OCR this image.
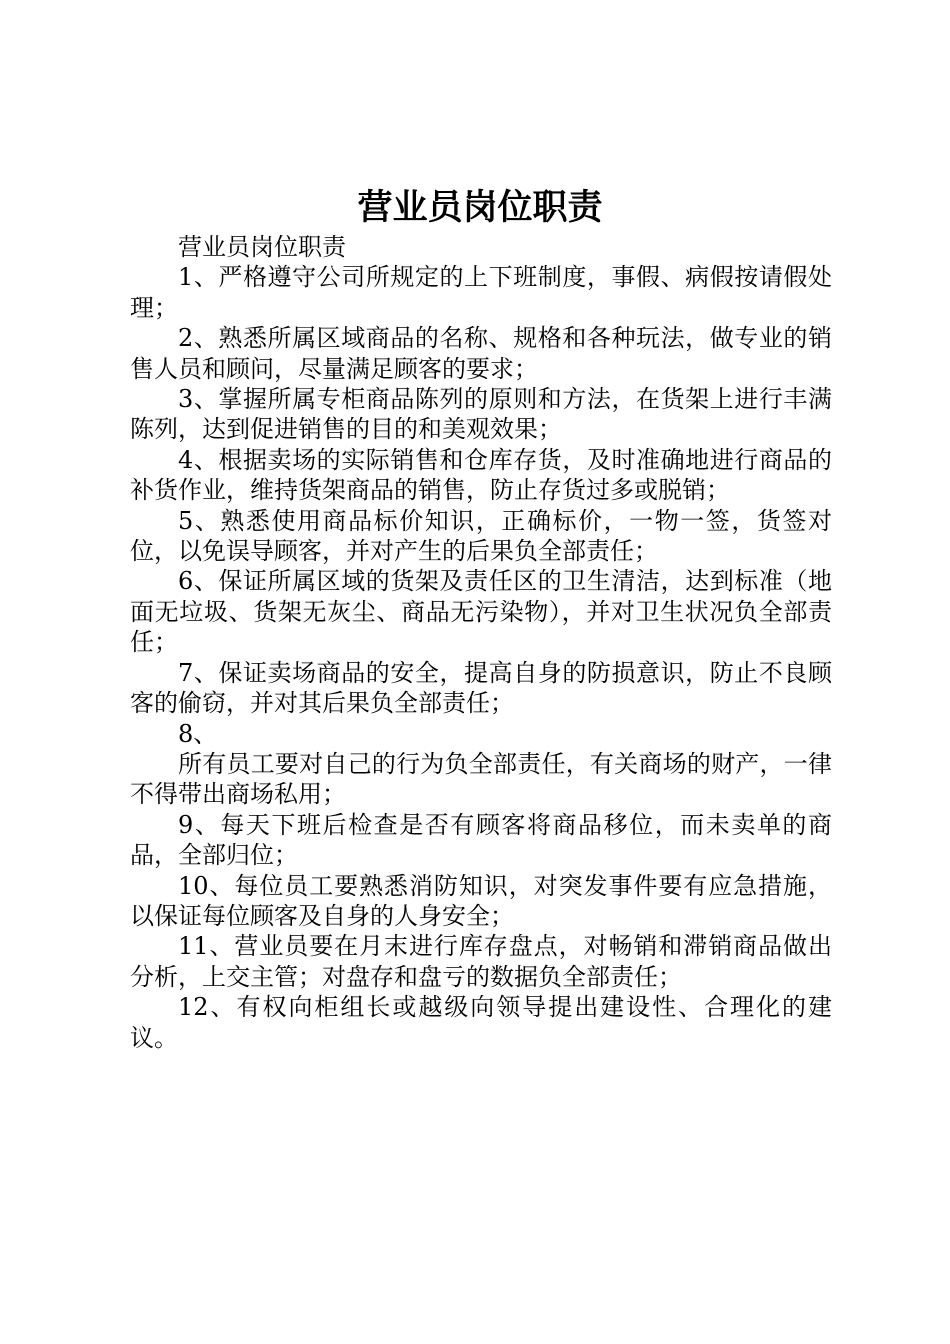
营业员岗位职责

营业员岗位职责

1、严格遵守公司所规定的上下班制度，事假、病假按请假处理；

2、熟悉所属区域商品的名称、规格和各种玩法，做专业的销售人员和顾问，尽量满足顾客的要求；

3、掌握所属专柜商品陈列的原则和方法，在货架上进行丰满陈列，达到促进销售的目的和美观效果；

4、根据卖场的实际销售和仓库存货，及时准确地进行商品的补货作业，维持货架商品的销售，防止存货过多或脱销；

5、熟悉使用商品标价知识，正确标价，一物一签，货签对位，以免误导顾客，并对产生的后果负全部责任；

6、保证所属区域的货架及责任区的卫生清洁，达到标准（地面无垃圾、货架无灰尘、商品无污染物），并对卫生状况负全部责任；

7、保证卖场商品的安全，提高自身的防损意识，防止不良顾客的偷窃，并对其后果负全部责任；

8、

所有员工要对自己的行为负全部责任，有关商场的财产，一律不得带出商场私用；

9、每天下班后检查是否有顾客将商品移位，而未卖单的商品，全部归位；

10、每位员工要熟悉消防知识，对突发事件要有应急措施，以保证每位顾客及自身的人身安全；

11、营业员要在月末进行库存盘点，对畅销和滞销商品做出分析，上交主管；对盘存和盘亏的数据负全部责任；

12、有权向柜组长或越级向领导提出建设性、合理化的建议。
